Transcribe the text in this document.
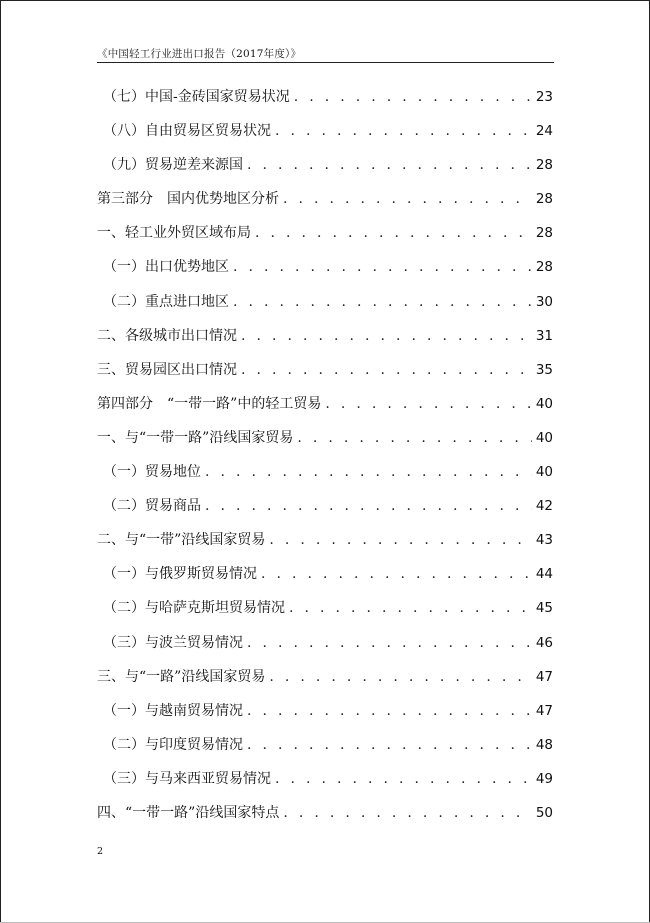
《中国轻工行业进出口报告（2017年度）》
（七）中国-金砖国家贸易状况 . . .	23
（八）自由贸易区贸易状况 . . .	24
（九）贸易逆差来源国 . . .	28
第三部分　国内优势地区分析 . . .	28
一、轻工业外贸区域布局 . . .	28
（一）出口优势地区 . . .	28
（二）重点进口地区 . . .	30
二、各级城市出口情况 . . .	31
三、贸易园区出口情况 . . .	35
第四部分　“一带一路”中的轻工贸易 . . .	40
一、与“一带一路”沿线国家贸易 . . .	40
（一）贸易地位 . . .	40
（二）贸易商品 . . .	42
二、与“一带”沿线国家贸易 . . .	43
（一）与俄罗斯贸易情况 . . .	44
（二）与哈萨克斯坦贸易情况 . . .	45
（三）与波兰贸易情况 . . .	46
三、与“一路”沿线国家贸易 . . .	47
（一）与越南贸易情况 . . .	47
（二）与印度贸易情况 . . .	48
（三）与马来西亚贸易情况 . . .	49
四、“一带一路”沿线国家特点 . . .	50
2
